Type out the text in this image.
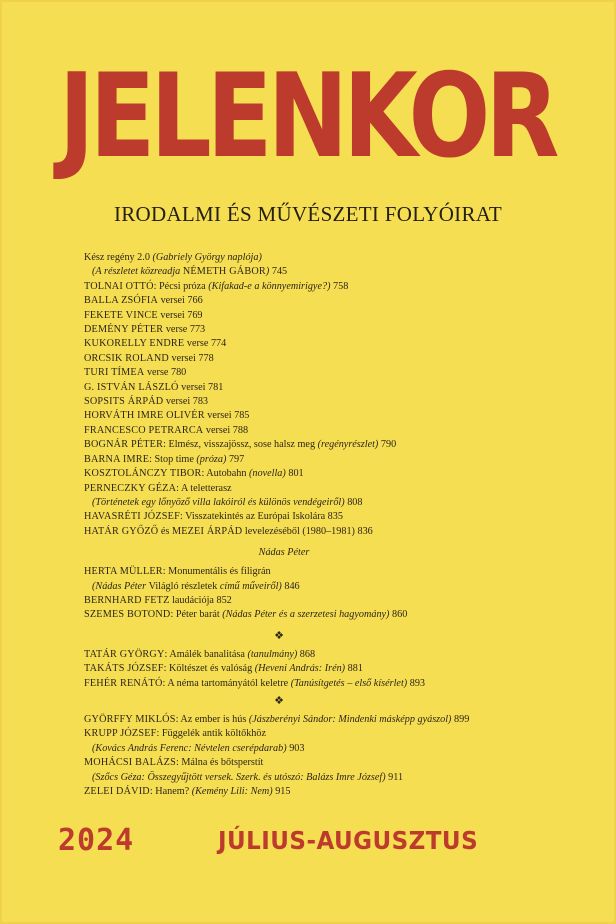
JELENKOR
IRODALMI ÉS MŰVÉSZETI FOLYÓIRAT
Kész regény 2.0 (Gabriely György naplója)
(A részletet közreadja NÉMETH GÁBOR) 745
TOLNAI OTTÓ: Pécsi próza (Kifakad-e a könnyemirigye?) 758
BALLA ZSÓFIA versei 766
FEKETE VINCE versei 769
DEMÉNY PÉTER verse 773
KUKORELLY ENDRE verse 774
ORCSIK ROLAND versei 778
TURI TÍMEA verse 780
G. ISTVÁN LÁSZLÓ versei 781
SOPSITS ÁRPÁD versei 783
HORVÁTH IMRE OLIVÉR versei 785
FRANCESCO PETRARCA versei 788
BOGNÁR PÉTER: Elmész, visszajössz, sose halsz meg (regényrészlet) 790
BARNA IMRE: Stop time (próza) 797
KOSZTOLÁNCZY TIBOR: Autobahn (novella) 801
PERNECZKY GÉZA: A teletterasz
(Történetek egy lőnyöző villa lakóiról és különös vendégeiről) 808
HAVASRÉTI JÓZSEF: Visszatekintés az Európai Iskolára 835
HATÁR GYŐZŐ és MEZEI ÁRPÁD levelezéséből (1980–1981) 836
Nádas Péter
HERTA MÜLLER: Monumentális és filigrán
(Nádas Péter Világló részletek című műveiről) 846
BERNHARD FETZ laudációja 852
SZEMES BOTOND: Péter barát (Nádas Péter és a szerzetesi hagyomány) 860
❖
TATÁR GYÖRGY: Amálék banalitása (tanulmány) 868
TAKÁTS JÓZSEF: Költészet és valóság (Heveni András: Irén) 881
FEHÉR RENÁTÓ: A néma tartományától keletre (Tanúsítgetés – első kísérlet) 893
❖
GYÖRFFY MIKLÓS: Az ember is hús (Jászberényi Sándor: Mindenki másképp gyászol) 899
KRUPP JÓZSEF: Függelék antik költőkhöz
(Kovács András Ferenc: Névtelen cserépdarab) 903
MOHÁCSI BALÁZS: Málna és bőtsperstít
(Szőcs Géza: Összegyűjtött versek. Szerk. és utószó: Balázs Imre József) 911
ZELEI DÁVID: Hanem? (Kemény Lili: Nem) 915
2024	JÚLIUS-AUGUSZTUS
